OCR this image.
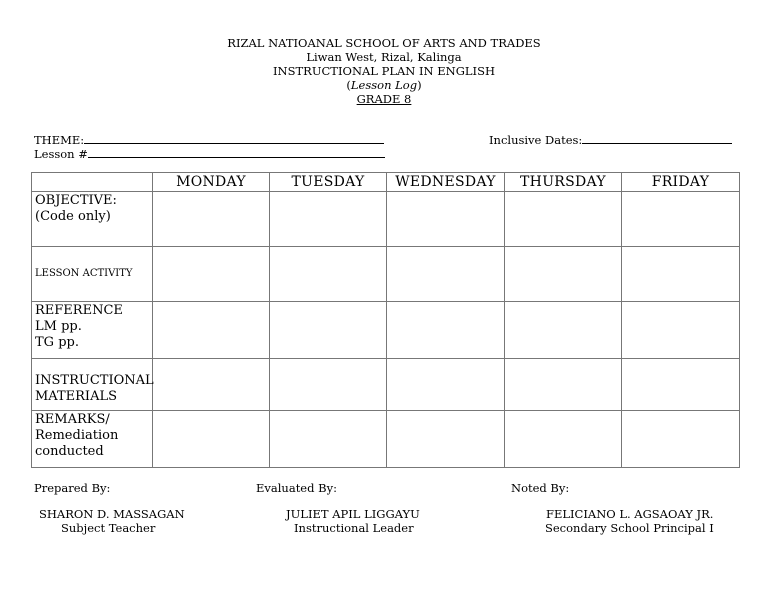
RIZAL NATIOANAL SCHOOL OF ARTS AND TRADES
Liwan West, Rizal, Kalinga
INSTRUCTIONAL PLAN IN ENGLISH
(Lesson Log)
GRADE 8
THEME:
Lesson #
Inclusive Dates:
	MONDAY	TUESDAY	WEDNESDAY	THURSDAY	FRIDAY

OBJECTIVE:
(Code only)					

LESSON ACTIVITY					

REFERENCE
LM pp.
TG pp.					

INSTRUCTIONAL
MATERIALS					

REMARKS/
Remediation
conducted					

Prepared By:	Evaluated By:	Noted By:
SHARON D. MASSAGAN
Subject Teacher
JULIET APIL LIGGAYU
Instructional Leader
FELICIANO L. AGSAOAY JR.
Secondary School Principal I
